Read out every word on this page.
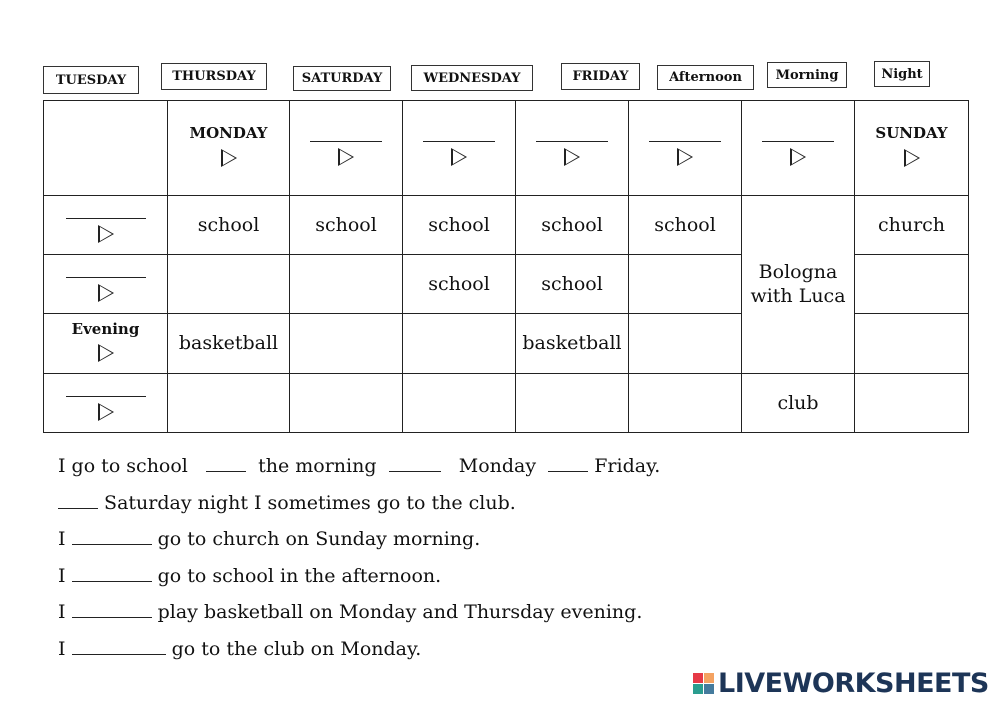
TUESDAY	THURSDAY	SATURDAY	WEDNESDAY	FRIDAY	Afternoon	Morning	Night

	MONDAY						SUNDAY

	school	school	school	school	school	Bologna
with Luca	church

			school	school			

Evening	basketball			basketball			

						club	
I go to school	the morning	Monday	Friday.
Saturday night I sometimes go to the club.
I	go to church on Sunday morning.
I	go to school in the afternoon.
I	play basketball on Monday and Thursday evening.
I	go to the club on Monday.
LIVEWORKSHEETS
